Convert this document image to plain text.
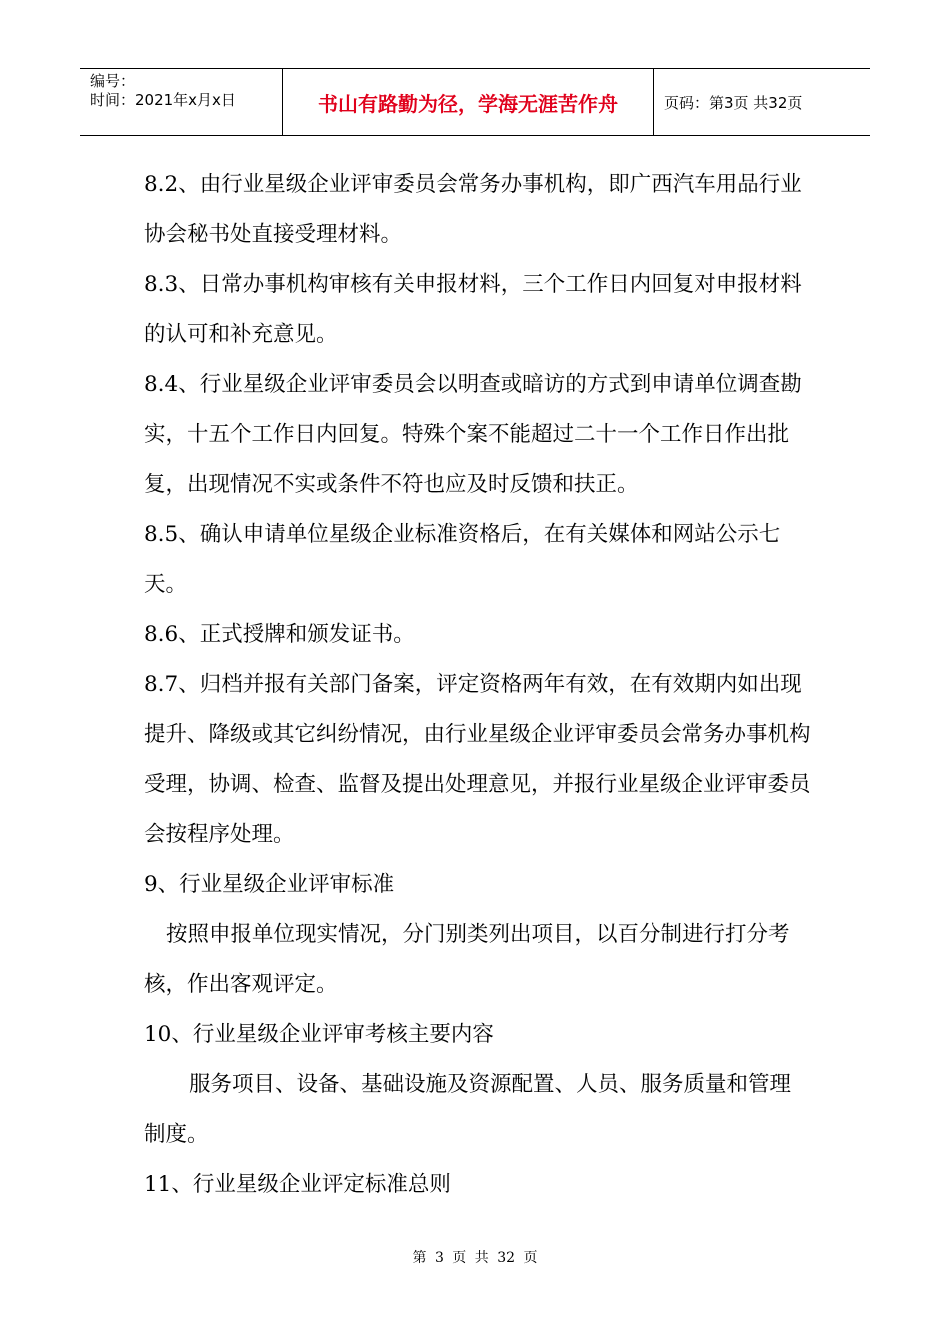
编号：
时间：2021年x月x日	书山有路勤为径，学海无涯苦作舟	页码：第3页 共32页

8.2、由行业星级企业评审委员会常务办事机构，即广西汽车用品行业协会秘书处直接受理材料。

8.3、日常办事机构审核有关申报材料，三个工作日内回复对申报材料的认可和补充意见。

8.4、行业星级企业评审委员会以明查或暗访的方式到申请单位调查勘实，十五个工作日内回复。特殊个案不能超过二十一个工作日作出批复，出现情况不实或条件不符也应及时反馈和扶正。

8.5、确认申请单位星级企业标准资格后，在有关媒体和网站公示七天。

8.6、正式授牌和颁发证书。

8.7、归档并报有关部门备案，评定资格两年有效，在有效期内如出现提升、降级或其它纠纷情况，由行业星级企业评审委员会常务办事机构受理，协调、检查、监督及提出处理意见，并报行业星级企业评审委员会按程序处理。

9、行业星级企业评审标准

按照申报单位现实情况，分门别类列出项目，以百分制进行打分考核，作出客观评定。

10、行业星级企业评审考核主要内容

服务项目、设备、基础设施及资源配置、人员、服务质量和管理制度。

11、行业星级企业评定标准总则

第 3 页 共 32 页
